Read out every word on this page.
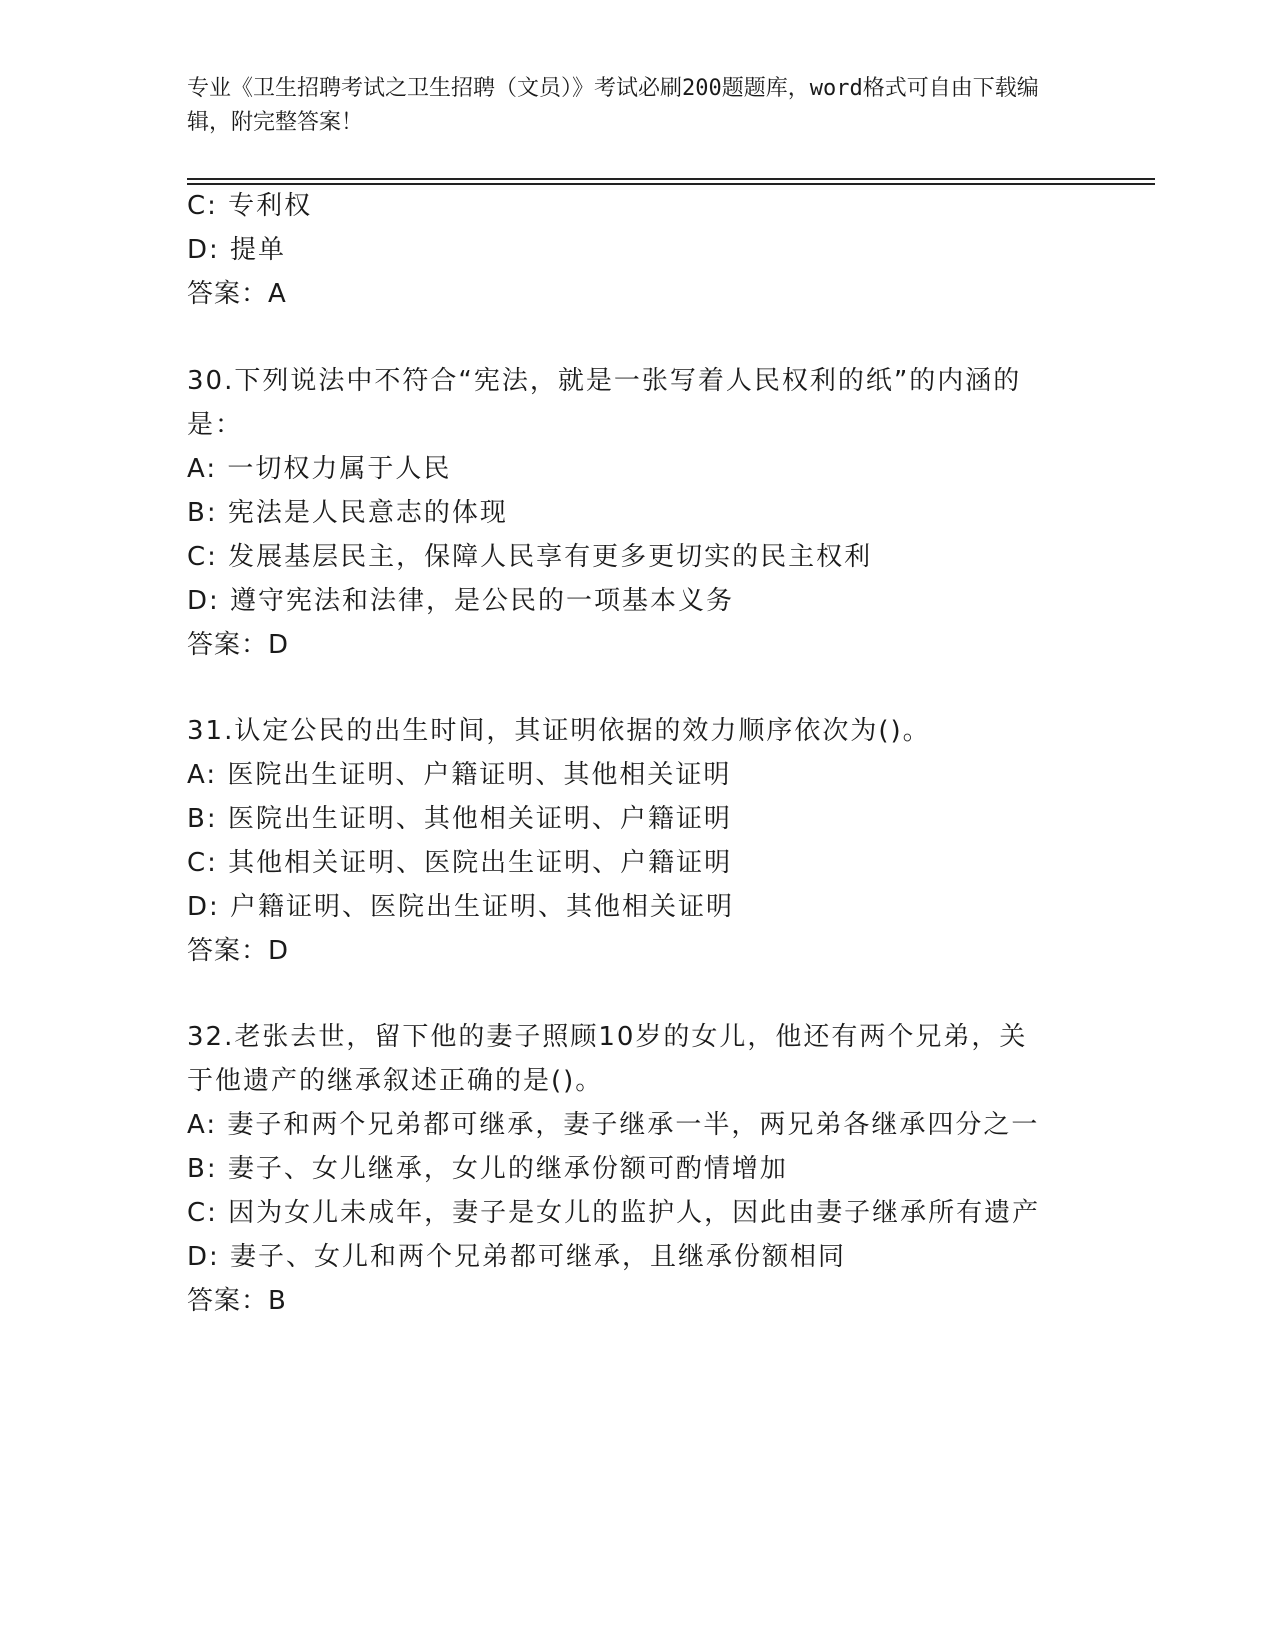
专业《卫生招聘考试之卫生招聘（文员）》考试必刷200题题库，word格式可自由下载编辑，附完整答案！
C: 专利权
D: 提单
答案：A
30.下列说法中不符合“宪法，就是一张写着人民权利的纸”的内涵的
是：
A: 一切权力属于人民
B: 宪法是人民意志的体现
C: 发展基层民主，保障人民享有更多更切实的民主权利
D: 遵守宪法和法律，是公民的一项基本义务
答案：D
31.认定公民的出生时间，其证明依据的效力顺序依次为()。
A: 医院出生证明、户籍证明、其他相关证明
B: 医院出生证明、其他相关证明、户籍证明
C: 其他相关证明、医院出生证明、户籍证明
D: 户籍证明、医院出生证明、其他相关证明
答案：D
32.老张去世，留下他的妻子照顾10岁的女儿，他还有两个兄弟，关
于他遗产的继承叙述正确的是()。
A: 妻子和两个兄弟都可继承，妻子继承一半，两兄弟各继承四分之一
B: 妻子、女儿继承，女儿的继承份额可酌情增加
C: 因为女儿未成年，妻子是女儿的监护人，因此由妻子继承所有遗产
D: 妻子、女儿和两个兄弟都可继承，且继承份额相同
答案：B
